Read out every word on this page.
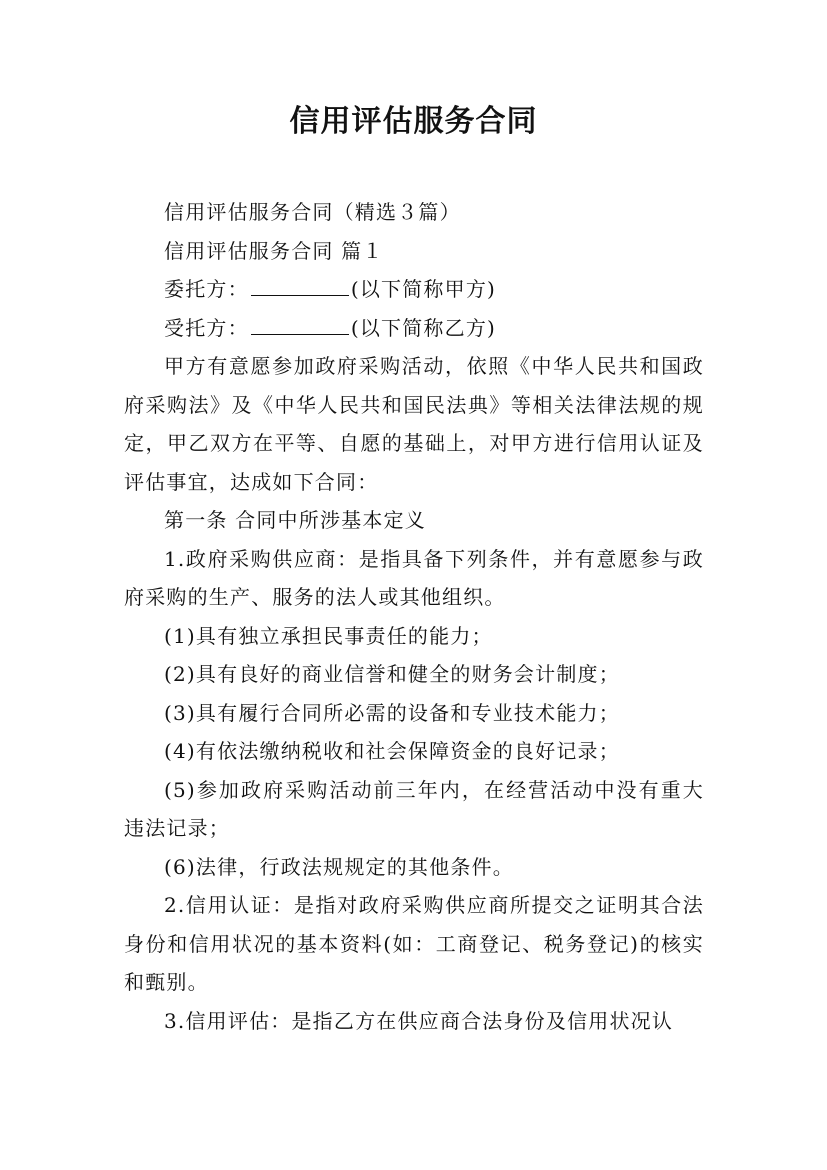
信用评估服务合同

信用评估服务合同（精选３篇）

信用评估服务合同 篇１

委托方：	(以下简称甲方)

受托方：	(以下简称乙方)

甲方有意愿参加政府采购活动，依照《中华人民共和国政府采购法》及《中华人民共和国民法典》等相关法律法规的规定，甲乙双方在平等、自愿的基础上，对甲方进行信用认证及评估事宜，达成如下合同：

第一条 合同中所涉基本定义

1.政府采购供应商：是指具备下列条件，并有意愿参与政府采购的生产、服务的法人或其他组织。

(1)具有独立承担民事责任的能力；

(2)具有良好的商业信誉和健全的财务会计制度；

(3)具有履行合同所必需的设备和专业技术能力；

(4)有依法缴纳税收和社会保障资金的良好记录；

(5)参加政府采购活动前三年内，在经营活动中没有重大违法记录；

(6)法律，行政法规规定的其他条件。

2.信用认证：是指对政府采购供应商所提交之证明其合法身份和信用状况的基本资料(如：工商登记、税务登记)的核实和甄别。

3.信用评估：是指乙方在供应商合法身份及信用状况认
